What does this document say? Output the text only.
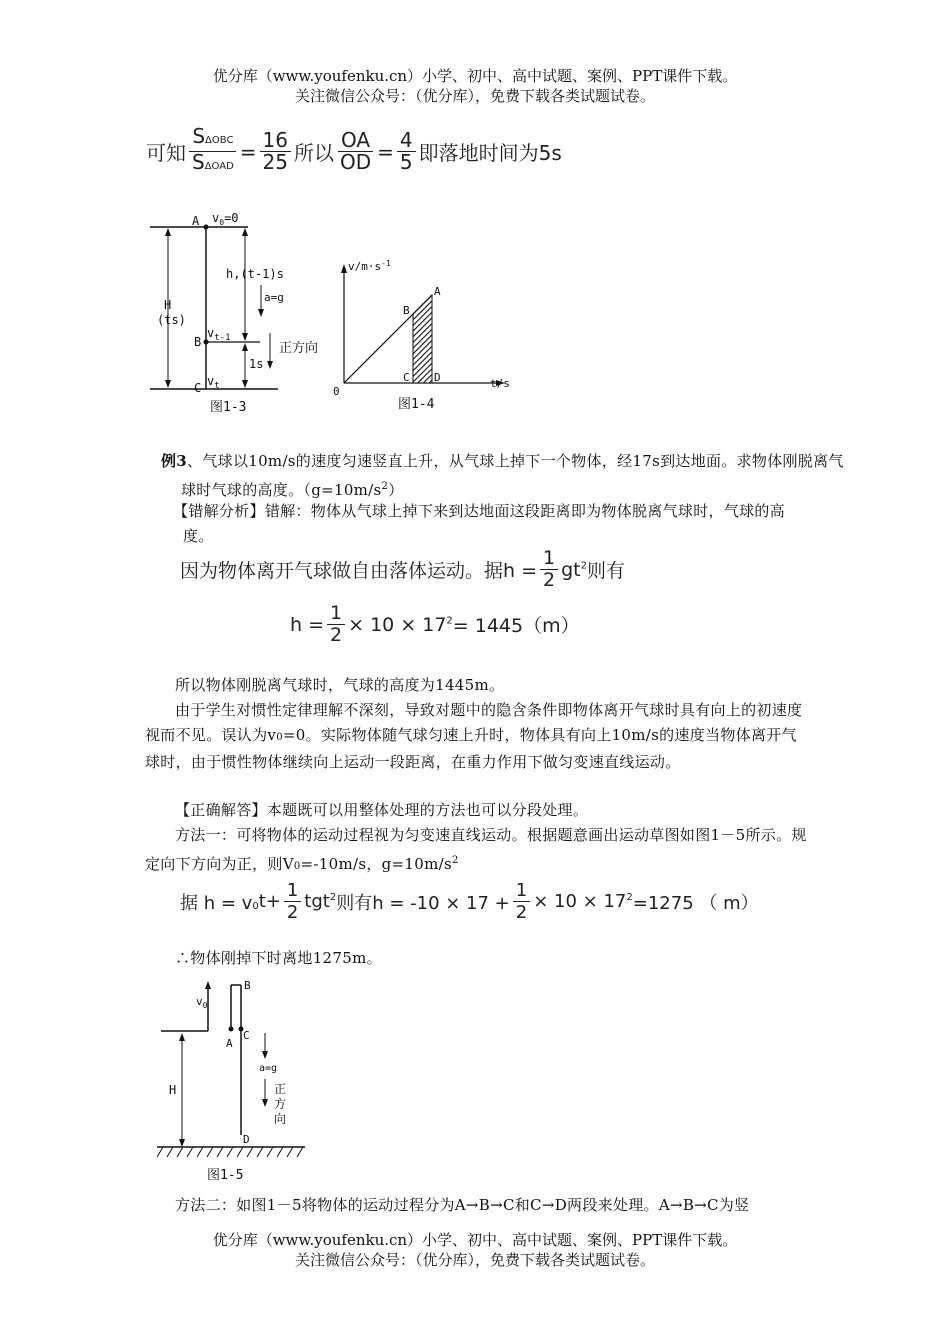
优分库（www.youfenku.cn）小学、初中、高中试题、案例、PPT课件下载。
关注微信公众号：（优分库），免费下载各类试题试卷。
可知 $\frac{\text{SΔOBC}}{\text{SΔOAD}} = \frac{16}{25}$ 所以 $\frac{OA}{OD} = \frac{4}{5}$ 即落地时间为5s
A $v_0=0$
h,(t-1)s
a=g
H
(ts)
$v_{t-1}$
B	正方向
1s
$v_t$
C
图1-3
$v/m\cdot s^{-1}$
A
B
C D	t/s
0
图1-4
例3、气球以10m/s的速度匀速竖直上升，从气球上掉下一个物体，经17s到达地面。求物体刚脱离气球时气球的高度。$(g=10m/s^2)$
【错解分析】错解：物体从气球上掉下来到达地面这段距离即为物体脱离气球时，气球的高度。
因为物体离开气球做自由落体运动。据$h = \frac{1}{2} gt^2$ 则有
$h = \frac{1}{2} \times 10 \times 17^2 = 1445(m)$
所以物体刚脱离气球时，气球的高度为1445m。
由于学生对惯性定律理解不深刻，导致对题中的隐含条件即物体离开气球时具有向上的初速度视而不见。误认为v0=0。实际物体随气球匀速上升时，物体具有向上10m/s的速度当物体离开气球时，由于惯性物体继续向上运动一段距离，在重力作用下做匀变速直线运动。
【正确解答】本题既可以用整体处理的方法也可以分段处理。
方法一：可将物体的运动过程视为匀变速直线运动。根据题意画出运动草图如图1－5所示。规定向下方向为正，则V0=-10m/s，$g=10m/s^2$
据 h = v0 $t+ \frac{1}{2} tgt^2$ 则有$h = -10 \times 17 + \frac{1}{2} \times 10 \times 17^2 =1275$ （ m）
∴物体刚掉下时离地1275m。
$v_0$
B
A
C
H
a=g
正
方
向
D
图1-5
方法二：如图1－5将物体的运动过程分为A→B→C和C→D两段来处理。A→B→C为竖
优分库（www.youfenku.cn）小学、初中、高中试题、案例、PPT课件下载。
关注微信公众号：（优分库），免费下载各类试题试卷。
